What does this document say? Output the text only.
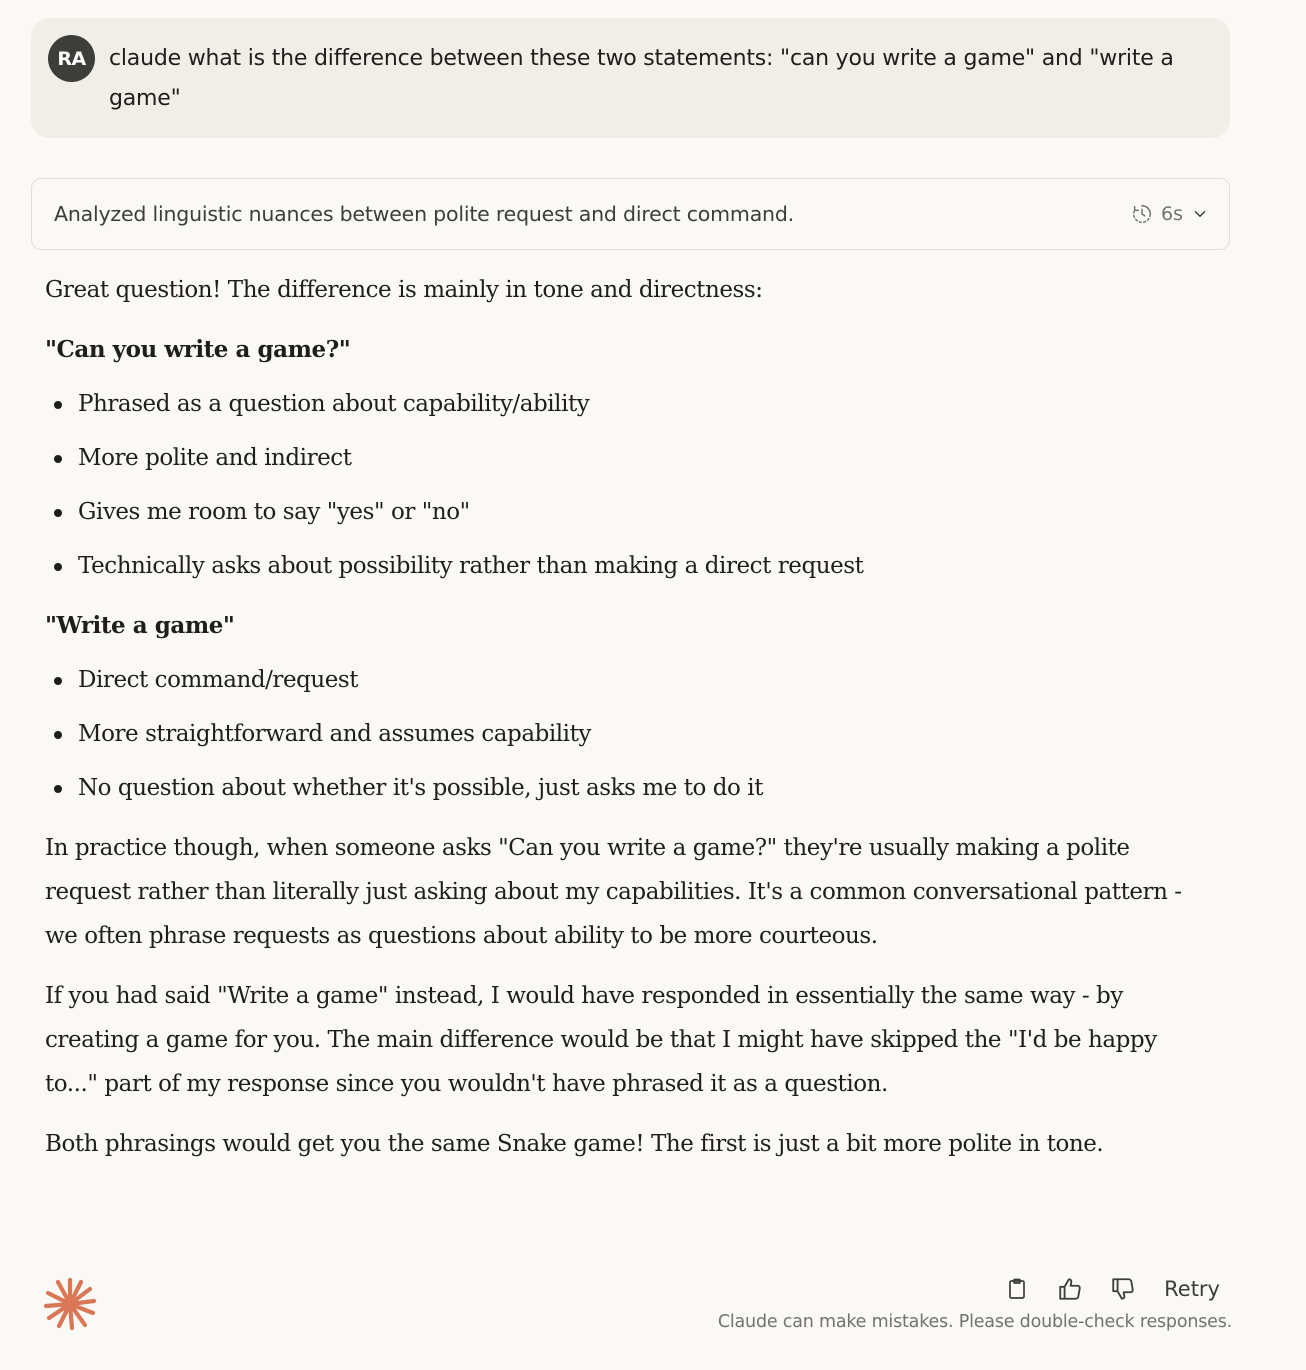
RA	claude what is the difference between these two statements: "can you write a game" and "write a game"
Analyzed linguistic nuances between polite request and direct command.	6s

Great question! The difference is mainly in tone and directness:

"Can you write a game?"

Phrased as a question about capability/ability
More polite and indirect
Gives me room to say "yes" or "no"
Technically asks about possibility rather than making a direct request

"Write a game"

Direct command/request
More straightforward and assumes capability
No question about whether it's possible, just asks me to do it

In practice though, when someone asks "Can you write a game?" they're usually making a polite request rather than literally just asking about my capabilities. It's a common conversational pattern - we often phrase requests as questions about ability to be more courteous.

If you had said "Write a game" instead, I would have responded in essentially the same way - by creating a game for you. The main difference would be that I might have skipped the "I'd be happy to..." part of my response since you wouldn't have phrased it as a question.

Both phrasings would get you the same Snake game! The first is just a bit more polite in tone.

Retry
Claude can make mistakes. Please double-check responses.
